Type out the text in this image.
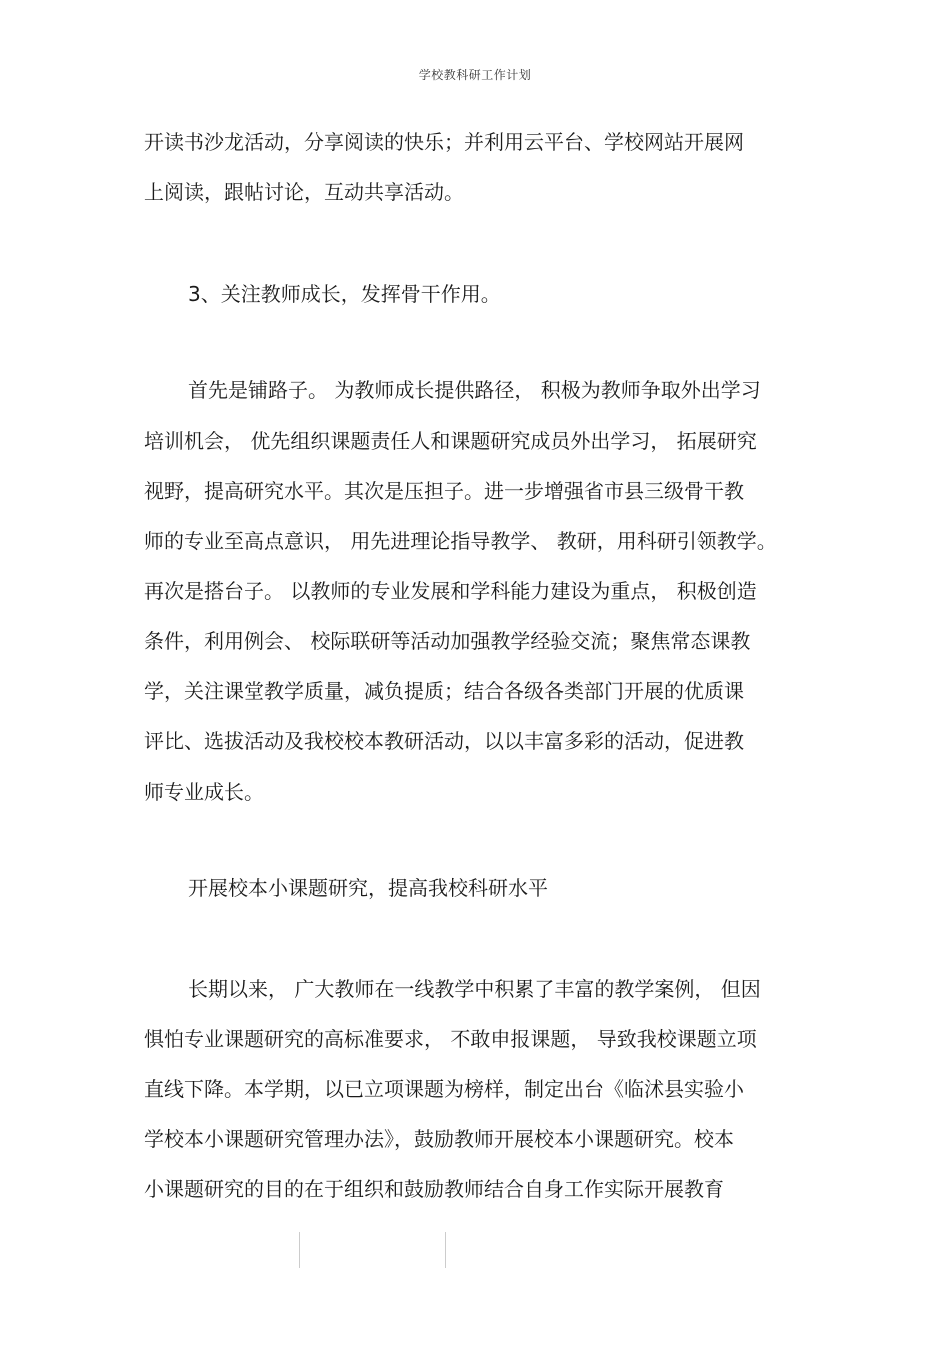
学校教科研工作计划
开读书沙龙活动，分享阅读的快乐；并利用云平台、学校网站开展网
上阅读，跟帖讨论，互动共享活动。
3、关注教师成长，发挥骨干作用。
首先是铺路子。 为教师成长提供路径， 积极为教师争取外出学习
培训机会， 优先组织课题责任人和课题研究成员外出学习， 拓展研究
视野，提高研究水平。其次是压担子。进一步增强省市县三级骨干教
师的专业至高点意识， 用先进理论指导教学、 教研，用科研引领教学。
再次是搭台子。 以教师的专业发展和学科能力建设为重点， 积极创造
条件，利用例会、 校际联研等活动加强教学经验交流；聚焦常态课教
学，关注课堂教学质量，减负提质；结合各级各类部门开展的优质课
评比、选拔活动及我校校本教研活动，以以丰富多彩的活动，促进教
师专业成长。
开展校本小课题研究，提高我校科研水平
长期以来， 广大教师在一线教学中积累了丰富的教学案例， 但因
惧怕专业课题研究的高标准要求， 不敢申报课题， 导致我校课题立项
直线下降。本学期，以已立项课题为榜样，制定出台《临沭县实验小
学校本小课题研究管理办法》，鼓励教师开展校本小课题研究。校本
小课题研究的目的在于组织和鼓励教师结合自身工作实际开展教育
